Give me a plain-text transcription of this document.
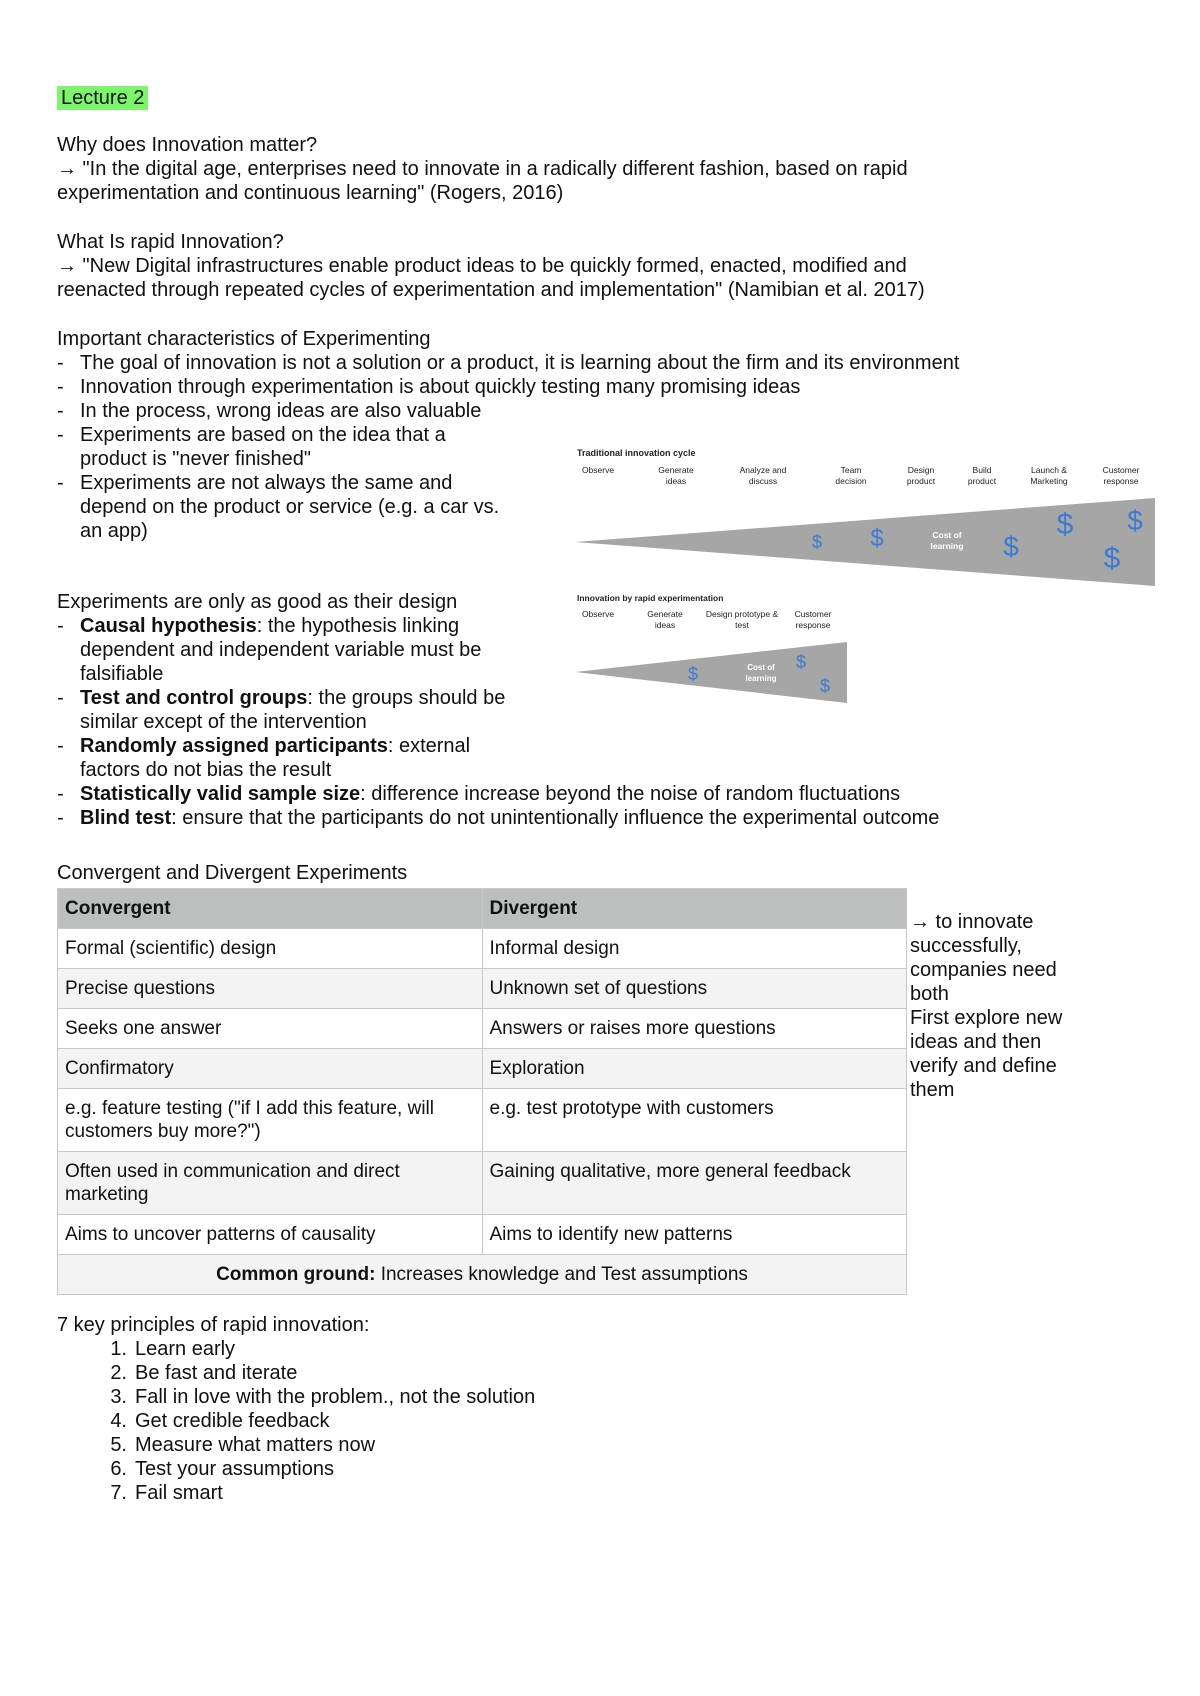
Lecture 2
Why does Innovation matter?
→ "In the digital age, enterprises need to innovate in a radically different fashion, based on rapid
experimentation and continuous learning" (Rogers, 2016)
What Is rapid Innovation?
→ "New Digital infrastructures enable product ideas to be quickly formed, enacted, modified and
reenacted through repeated cycles of experimentation and implementation" (Namibian et al. 2017)
Important characteristics of Experimenting
- The goal of innovation is not a solution or a product, it is learning about the firm and its environment
- Innovation through experimentation is about quickly testing many promising ideas
- In the process, wrong ideas are also valuable
- Experiments are based on the idea that a
product is "never finished"
- Experiments are not always the same and
depend on the product or service (e.g. a car vs.
an app)
Traditional innovation cycle
Observe	Generate
ideas
Analyze and
discuss
Team
decision
Design
product
Build
product
Launch &
Marketing
Customer
response
Cost of
learning
$ $	$
$
$
$
Innovation by rapid experimentation
Observe	Generate
ideas
Design prototype &
test
Customer
response
Cost of
learning
$
$
$
Experiments are only as good as their design
- Causal hypothesis: the hypothesis linking
dependent and independent variable must be
falsifiable
- Test and control groups: the groups should be
similar except of the intervention
- Randomly assigned participants: external
factors do not bias the result
- Statistically valid sample size: difference increase beyond the noise of random fluctuations
- Blind test: ensure that the participants do not unintentionally influence the experimental outcome
Convergent and Divergent Experiments
Convergent	Divergent
Formal (scientific) design	Informal design
Precise questions	Unknown set of questions
Seeks one answer	Answers or raises more questions
Confirmatory	Exploration
e.g. feature testing ("if I add this feature, will customers buy more?")	e.g. test prototype with customers
Often used in communication and direct marketing	Gaining qualitative, more general feedback
Aims to uncover patterns of causality	Aims to identify new patterns
Common ground: Increases knowledge and Test assumptions	
→ to innovate
successfully,
companies need
both
First explore new
ideas and then
verify and define
them
7 key principles of rapid innovation:
1. Learn early
2. Be fast and iterate
3. Fall in love with the problem., not the solution
4. Get credible feedback
5. Measure what matters now
6. Test your assumptions
7. Fail smart
